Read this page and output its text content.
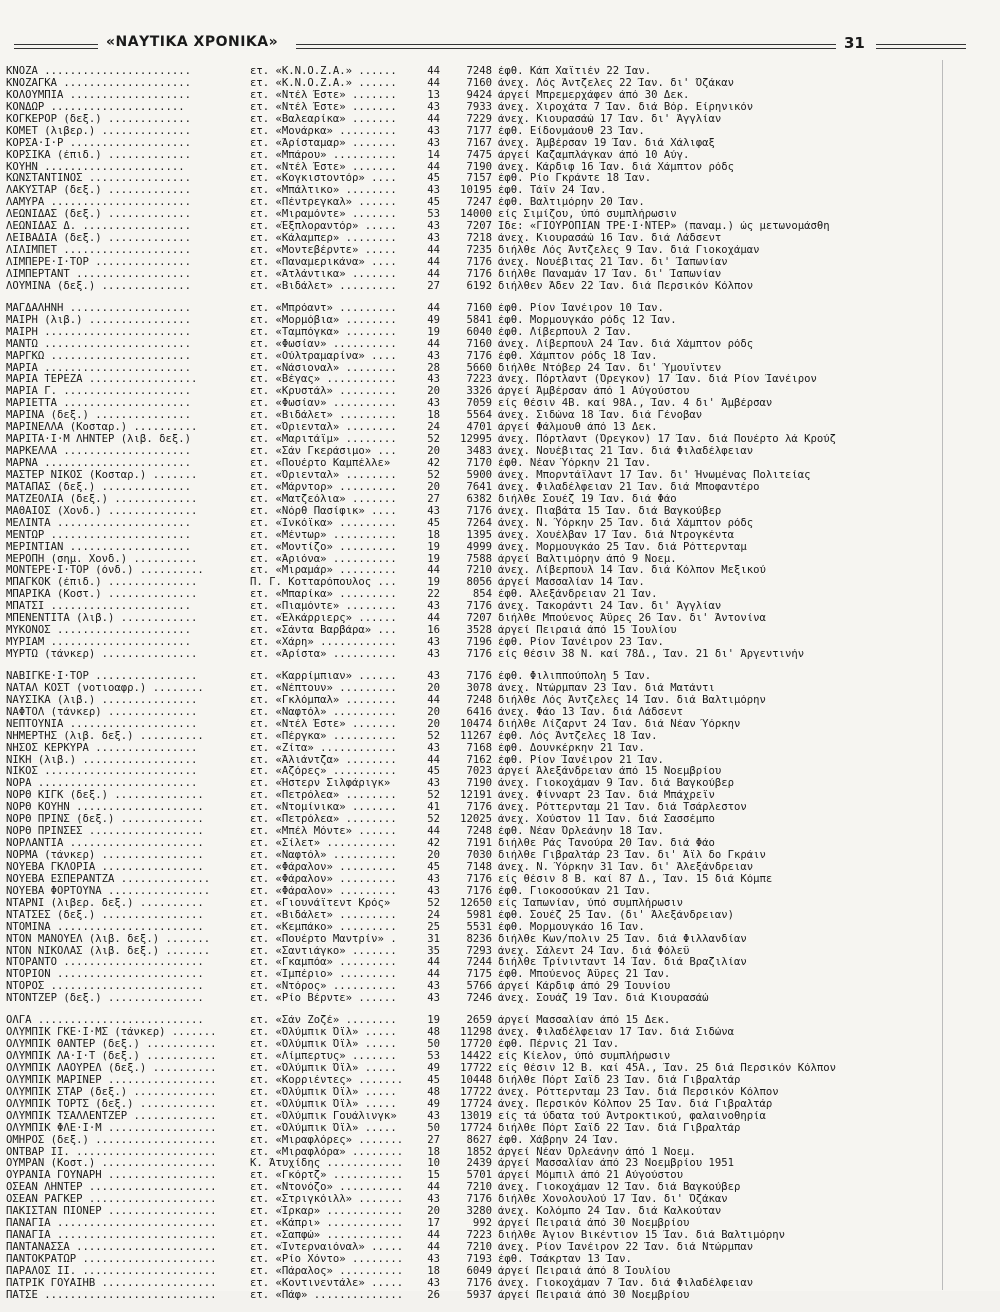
«ΝΑΥΤΙΚΑ ΧΡΟΝΙΚΑ»	31
ΚΝΟΖΑ .......................	ετ. «Κ.Ν.Ο.Ζ.Α.» ......	44	7248 έφθ. Κάπ Χαϊτιέν 22 Ίαν.
ΚΝΟΖΑΓΚΑ ....................	ετ. «Κ.Ν.Ο.Ζ.Α.» ......	44	7160 άνεχ. Λός Άντζελες 22 Ίαν. δι' Όζάκαν
ΚΟΛΟΥΜΠΙΑ ...................	ετ. «Ντέλ Έστε» .......	13	9424 άργεί Μπρεμερχάφεν άπό 30 Δεκ.
ΚΟΝΔΩΡ .....................	ετ. «Ντέλ Έστε» .......	43	7933 άνεχ. Χιροχάτα 7 Ίαν. διά Βόρ. Είρηνικόν
ΚΟΓΚΕΡΟΡ (δεξ.) .............	ετ. «Βαλεαρίκα» .......	44	7229 άνεχ. Κιουρασάώ 17 Ίαν. δι' Άγγλίαν
ΚΟΜΕΤ (λιβερ.) ..............	ετ. «Μονάρκα» .........	43	7177 έφθ. Είδονμάουθ 23 Ίαν.
ΚΟΡΣΑ·Ι·Ρ ...................	ετ. «Άρίσταμαρ» .......	43	7167 άνεχ. Άμβέρσαν 19 Ίαν. διά Χάλιφαξ
ΚΟΡΣΙΚΑ (έπιδ.) .............	ετ. «Μπάρου» ..........	14	7475 άργεί Καζαμπλάγκαν άπό 10 Αύγ.
ΚΟΥΗΝ ......................	ετ. «Ντέλ Έστε» .......	44	7190 άνεχ. Κάρδιφ 16 Ίαν. διά Χάμπτον ρόδς
ΚΩΝΣΤΑΝΤΙΝΟΣ ................	ετ. «Κογκιστοντόρ» ....	45	7157 έφθ. Ρίο Γκράντε 18 Ίαν.
ΛΑΚΥΣΤΑΡ (δεξ.) .............	ετ. «Μπάλτικο» ........	43	10195 έφθ. Τάϊν 24 Ίαν.
ΛΑΜΥΡΑ ......................	ετ. «Πέντρεγκαλ» ......	45	7247 έφθ. Βαλτιμόρην 20 Ίαν.
ΛΕΩΝΙΔΑΣ (δεξ.) .............	ετ. «Μιραμόντε» .......	53	14000 είς Σιμίζου, ύπό συμπλήρωσιν
ΛΕΩΝΙΔΑΣ Δ. .................	ετ. «Έξπλοραντόρ» .....	43	7207 Ίδε: «ΓΙΟΥΡΟΠΙΑΝ ΤΡΕ·Ι·ΝΤΕΡ» (παναμ.) ώς μετωνομάσθη
ΛΕΙΒΑΔΙΑ (δεξ.) .............	ετ. «Κάλαμπερ» ........	43	7218 άνεχ. Κιουρασάώ 16 Ίαν. διά Λάδσεντ
ΛΙΛΙΜΠΕΤ ....................	ετ. «Μοντεβέρντε» .....	44	7235 διήλθε Λός Άντζελες 9 Ίαν. διά Γιοκοχάμαν
ΛΙΜΠΕΡΕ·Ι·ΤΟΡ ...............	ετ. «Παναμερικάνα» ....	44	7176 άνεχ. Νουέβιτας 21 Ίαν. δι' Ίαπωνίαν
ΛΙΜΠΕΡΤΑΝΤ ..................	ετ. «Άτλάντικα» .......	44	7176 διήλθε Παναμάν 17 Ίαν. δι' Ίαπωνίαν
ΛΟΥΜΙΝΑ (δεξ.) ..............	ετ. «Βιδάλετ» .........	27	6192 διήλθεν Άδεν 22 Ίαν. διά Περσικόν Κόλπον
ΜΑΓΔΑΛΗΝΗ ...................	ετ. «Μπρόαντ» .........	44	7160 έφθ. Ρίον Ίανέιρον 10 Ίαν.
ΜΑΙΡΗ (λιβ.) ................	ετ. «Μορμόβια» ........	49	5841 έφθ. Μορμουγκάο ρόδς 12 Ίαν.
ΜΑΙΡΗ .......................	ετ. «Ταμπόγκα» ........	19	6040 έφθ. Λίβερπουλ 2 Ίαν.
ΜΑΝΤΩ .......................	ετ. «Φωσίαν» ..........	44	7160 άνεχ. Λίβερπουλ 24 Ίαν. διά Χάμπτον ρόδς
ΜΑΡΓΚΩ ......................	ετ. «Ούλτραμαρίνα» ....	43	7176 έφθ. Χάμπτον ρόδς 18 Ίαν.
ΜΑΡΙΑ .......................	ετ. «Νάσιοναλ» ........	28	5660 διήλθε Ντόβερ 24 Ίαν. δι' Ύμουΐντεν
ΜΑΡΙΑ ΤΕΡΕΖΑ .................	ετ. «Βέγας» ...........	43	7223 άνεχ. Πόρτλαντ (Όρεγκον) 17 Ίαν. διά Ρίον Ίανέιρον
ΜΑΡΙΑ Γ. ....................	ετ. «Κρυστάλ» .........	20	3326 άργεί Άμβέρσαν άπό 1 Αύγούστου
ΜΑΡΙΕΤΤΑ ....................	ετ. «Φωσίαν» ..........	43	7059 είς θέσιν 4Β. καί 98Α., Ίαν. 4 δι' Άμβέρσαν
ΜΑΡΙΝΑ (δεξ.) ...............	ετ. «Βιδάλετ» .........	18	5564 άνεχ. Σιδώνα 18 Ίαν. διά Γένοβαν
ΜΑΡΙΝΕΛΛΑ (Κοσταρ.) ..........	ετ. «Όριενταλ» ........	24	4701 άργεί Φάλμουθ άπό 13 Δεκ.
ΜΑΡΙΤΑ·Ι·Μ ΛΗΝΤΕΡ (λιβ. δεξ.)	ετ. «Μαριτάϊμ» ........	52	12995 άνεχ. Πόρτλαντ (Όρεγκον) 17 Ίαν. διά Πουέρτο λά Κρούζ
ΜΑΡΚΕΛΛΑ ....................	ετ. «Σάν Γκεράσιμο» ...	20	3483 άνεχ. Νουέβιτας 21 Ίαν. διά Φιλαδέλφειαν
ΜΑΡΝΑ .......................	ετ. «Πουέρτο Καμπέλλε»	42	7170 έφθ. Νέαν Ύόρκην 21 Ίαν.
ΜΑΣΤΕΡ ΝΙΚΟΣ (Κοσταρ.) .......	ετ. «Όριενταλ» ........	52	5900 άνεχ. Μπορντάϊλαντ 17 Ίαν. δι' Ήνωμένας Πολιτείας
ΜΑΤΑΠΑΣ (δεξ.) ..............	ετ. «Μάρντορ» .........	20	7641 άνεχ. Φιλαδέλφειαν 21 Ίαν. διά Μποφαντέρο
ΜΑΤΖΕΟΛΙΑ (δεξ.) .............	ετ. «Ματζεόλια» .......	27	6382 διήλθε Σουέζ 19 Ίαν. διά Φάο
ΜΑΘΑΙΟΣ (Χονδ.) ..............	ετ. «Νόρθ Πασίφικ» ....	43	7176 άνεχ. Πιαβάτα 15 Ίαν. διά Βαγκούβερ
ΜΕΛΙΝΤΑ .....................	ετ. «Ίνκόϊκα» .........	45	7264 άνεχ. Ν. Ύόρκην 25 Ίαν. διά Χάμπτον ρόδς
ΜΕΝΤΩΡ ......................	ετ. «Μέντωρ» ..........	18	1395 άνεχ. Χουέλβαν 17 Ίαν. διά Ντρογκέντα
ΜΕΡΙΝΤΙΑΝ ...................	ετ. «Μοντίζο» .........	19	4999 άνεχ. Μορμουγκάο 25 Ίαν. διά Ρόττερνταμ
ΜΕΡΟΠΗ (σημ. Χονδ.) ..........	ετ. «Άριόνα» ..........	19	7588 άργεί Βαλτιμόρην άπό 9 Νοεμ.
ΜΟΝΤΕΡΕ·Ι·ΤΟΡ (όνδ.) ..........	ετ. «Μιραμάρ» .........	44	7210 άνεχ. Λίβερπουλ 14 Ίαν. διά Κόλπον Μεξικού
ΜΠΑΓΚΟΚ (έπιδ.) ..............	Π. Γ. Κοτταρόπουλος ...	19	8056 άργεί Μασσαλίαν 14 Ίαν.
ΜΠΑΡΙΚΑ (Κοστ.) ..............	ετ. «Μπαρίκα» .........	22	854 έφθ. Άλεξάνδρειαν 21 Ίαν.
ΜΠΑΤΣΙ ......................	ετ. «Πιαμόντε» ........	43	7176 άνεχ. Τακοράντι 24 Ίαν. δι' Άγγλίαν
ΜΠΕΝΕΝΤΙΤΑ (λιβ.) ............	ετ. «Έλκάρριερς» ......	44	7207 διήλθε Μπούενος Άϋρες 26 Ίαν. δι' Άντονίνα
ΜΥΚΟΝΟΣ .....................	ετ. «Σάντα Βαρβάρα» ...	16	3528 άργεί Πειραιά άπό 15 Ίουλίου
ΜΥΡΙΑΜ ......................	ετ. «Χάρη» ............	43	7196 έφθ. Ρίον Ίανέιρον 23 Ίαν.
ΜΥΡΤΩ (τάνκερ) ...............	ετ. «Άρίστα» ..........	43	7176 είς θέσιν 38 Ν. καί 78Δ., Ίαν. 21 δι' Άργεντινήν
ΝΑΒΙΓΚΕ·Ι·ΤΟΡ ................	ετ. «Καρρίμπιαν» ......	43	7176 έφθ. Φιλιππούπολη 5 Ίαν.
ΝΑΤΑΛ ΚΟΣΤ (νοτιοαφρ.) ........	ετ. «Νέπτουν» .........	20	3078 άνεχ. Ντώρμπαν 23 Ίαν. διά Ματάντι
ΝΑΥΣΙΚΑ (λιβ.) ...............	ετ. «Γκλόμπαλ» ........	44	7248 διήλθε Λός Άντζελες 14 Ίαν. διά Βαλτιμόρην
ΝΑΦΤΟΛ (τάνκερ) ..............	ετ. «Ναφτόλ» ..........	20	6416 άνεχ. Φάο 13 Ίαν. διά Λάδσεντ
ΝΕΠΤΟΥΝΙΑ ....................	ετ. «Ντέλ Έστε» .......	20	10474 διήλθε Λίζαρντ 24 Ίαν. διά Νέαν Ύόρκην
ΝΗΜΕΡΤΗΣ (λιβ. δεξ.) ..........	ετ. «Πέργκα» ..........	52	11267 έφθ. Λός Άντζελες 18 Ίαν.
ΝΗΣΟΣ ΚΕΡΚΥΡΑ ................	ετ. «Ζίτα» ............	43	7168 έφθ. Δουνκέρκην 21 Ίαν.
ΝΙΚΗ (λιβ.) ..................	ετ. «Άλιάντζα» ........	44	7162 έφθ. Ρίον Ίανέιρον 21 Ίαν.
ΝΙΚΟΣ ........................	ετ. «Αζόρες» ..........	45	7023 άργεί Άλεξάνδρειαν άπό 15 Νοεμβρίου
ΝΟΡΑ .........................	ετ. «Ήστερν Σιλφάριγκ»	43	7190 άνεχ. Γιοκοχάμαν 9 Ίαν. διά Βαγκούβερ
ΝΟΡΘ ΚΙΓΚ (δεξ.) ..............	ετ. «Πετρόλεα» ........	52	12191 άνεχ. Φίνναρτ 23 Ίαν. διά Μπάχρεϊν
ΝΟΡΘ ΚΟΥΗΝ ....................	ετ. «Ντομίνικα» .......	41	7176 άνεχ. Ρόττερνταμ 21 Ίαν. διά Τσάρλεστον
ΝΟΡΘ ΠΡΙΝΣ (δεξ.) .............	ετ. «Πετρόλεα» ........	52	12025 άνεχ. Χούστον 11 Ίαν. διά Σασσέμπο
ΝΟΡΘ ΠΡΙΝΣΕΣ ..................	ετ. «Μπέλ Μόντε» ......	44	7248 έφθ. Νέαν Όρλεάνην 18 Ίαν.
ΝΟΡΛΑΝΤΙΑ .....................	ετ. «Σίλετ» ...........	42	7191 διήλθε Ράς Τανούρα 20 Ίαν. διά Φάο
ΝΟΡΜΑ (τάνκερ) ................	ετ. «Ναφτόλ» ..........	20	7030 διήλθε Γιβραλτάρ 23 Ίαν. δι' Άϊλ δο Γκράιν
ΝΟΥΕΒΑ ΓΚΛΟΡΙΑ ................	ετ. «Φάραλον» .........	45	7148 άνεχ. Ν. Ύόρκην 31 Ίαν. δι' Άλεξάνδρειαν
ΝΟΥΕΒΑ ΕΣΠΕΡΑΝΤΖΑ ..............	ετ. «Φάραλον» .........	43	7176 είς θέσιν 8 Β. καί 87 Δ., Ίαν. 15 διά Κόμπε
ΝΟΥΕΒΑ ΦΟΡΤΟΥΝΑ ................	ετ. «Φάραλον» .........	43	7176 έφθ. Γιοκοσούκαν 21 Ίαν.
ΝΤΑΡΝΙ (λιβερ. δεξ.) ..........	ετ. «Γιουνάϊτεντ Κρός»	52	12650 είς Ίαπωνίαν, ύπό συμπλήρωσιν
ΝΤΑΤΣΕΣ (δεξ.) ................	ετ. «Βιδάλετ» .........	24	5981 έφθ. Σουέζ 25 Ίαν. (δι' Άλεξάνδρειαν)
ΝΤΟΜΙΝΑ .......................	ετ. «Κεμπάκο» .........	25	5531 έφθ. Μορμουγκάο 16 Ίαν.
ΝΤΟΝ ΜΑΝΟΥΕΛ (λιβ. δεξ.) .......	ετ. «Πουέρτο Μαντρίν» .	31	8236 διήλθε Κων/πολιν 25 Ίαν. διά Φιλλανδίαν
ΝΤΟΝ ΝΙΚΟΛΑΣ (λιβ. δεξ.) .......	ετ. «Σαντιάγκο» .......	35	7293 άνεχ. Σάλεντ 24 Ίαν. διά Φόλεϋ
ΝΤΟΡΑΝΤΟ ......................	ετ. «Γκαμπόα» .........	44	7244 διήλθε Τρίνινταντ 14 Ίαν. διά Βραζιλίαν
ΝΤΟΡΙΟΝ .......................	ετ. «Ίμπέριο» .........	44	7175 έφθ. Μπούενος Άϋρες 21 Ίαν.
ΝΤΟΡΟΣ ........................	ετ. «Ντόρος» ..........	43	5766 άργεί Κάρδιφ άπό 29 Ίουνίου
ΝΤΟΝΤΖΕΡ (δεξ.) ...............	ετ. «Ρίο Βέρντε» ......	43	7246 άνεχ. Σουάζ 19 Ίαν. διά Κιουρασάώ
ΟΛΓΑ ..........................	ετ. «Σάν Ζοζέ» ........	19	2659 άργεί Μασσαλίαν άπό 15 Δεκ.
ΟΛΥΜΠΙΚ ΓΚΕ·Ι·ΜΣ (τάνκερ) .......	ετ. «Όλύμπικ Όϊλ» .....	48	11298 άνεχ. Φιλαδέλφειαν 17 Ίαν. διά Σιδώνα
ΟΛΥΜΠΙΚ ΘΑΝΤΕΡ (δεξ.) ...........	ετ. «Όλύμπικ Όϊλ» .....	50	17720 έφθ. Πέρνις 21 Ίαν.
ΟΛΥΜΠΙΚ ΛΑ·Ι·Τ (δεξ.) ...........	ετ. «Λίμπερτυς» .......	53	14422 είς Κίελον, ύπό συμπλήρωσιν
ΟΛΥΜΠΙΚ ΛΑΟΥΡΕΛ (δεξ.) ..........	ετ. «Όλύμπικ Όϊλ» .....	49	17722 είς θέσιν 12 Β. καί 45Α., Ίαν. 25 διά Περσικόν Κόλπον
ΟΛΥΜΠΙΚ ΜΑΡΙΝΕΡ .................	ετ. «Κορριέντες» .......	45	10448 διήλθε Πόρτ Σαΐδ 23 Ίαν. διά Γιβραλτάρ
ΟΛΥΜΠΙΚ ΣΤΑΡ (δεξ.) .............	ετ. «Όλύμπικ Όϊλ» .....	48	17722 άνεχ. Ρόττερνταμ 23 Ίαν. διά Περσικόν Κόλπον
ΟΛΥΜΠΙΚ ΤΟΡΤΣ (δεξ.) ............	ετ. «Όλύμπικ Όϊλ» .....	49	17724 άνεχ. Περσικόν Κόλπον 25 Ίαν. διά Γιβραλτάρ
ΟΛΥΜΠΙΚ ΤΣΑΛΛΕΝΤΖΕΡ .............	ετ. «Όλύμπικ Γουάλινγκ»	43	13019 είς τά ύδατα τού Άντροκτικού, φαλαινοθηρία
ΟΛΥΜΠΙΚ ΦΛΕ·Ι·Μ .................	ετ. «Όλύμπικ Όϊλ» .....	50	17724 διήλθε Πόρτ Σαΐδ 22 Ίαν. διά Γιβραλτάρ
ΟΜΗΡΟΣ (δεξ.) ...................	ετ. «Μιραφλόρες» .......	27	8627 έφθ. Χάβρην 24 Ίαν.
ΟΝΤΒΑΡ ΙΙ. ......................	ετ. «Μιραφλόρα» ........	18	1852 άργεί Νέαν Όρλεάνην άπό 1 Νοεμ.
ΟΥΜΡΑΝ (Κοστ.) ..................	Κ. Άτυχίδης ............	10	2439 άργεί Μασσαλίαν άπό 23 Νοεμβρίου 1951
ΟΥΡΑΝΙΑ ΓΟΥΝΑΡΗ .................	ετ. «Γκόρτζ» ...........	15	5701 άργεί Μόμπιλ άπό 21 Αύγούστου
ΟΣΕΑΝ ΛΗΝΤΕΡ ....................	ετ. «Ντονόζο» ..........	44	7210 άνεχ. Γιοκοχάμαν 12 Ίαν. διά Βαγκούβερ
ΟΣΕΑΝ ΡΑΓΚΕΡ ....................	ετ. «Στριγκόιλλ» .......	43	7176 διήλθε Χονολουλού 17 Ίαν. δι' Όζάκαν
ΠΑΚΙΣΤΑΝ ΠΙΟΝΕΡ .................	ετ. «Ίρκαρ» ............	20	3280 άνεχ. Κολόμπο 24 Ίαν. διά Καλκούταν
ΠΑΝΑΓΙΑ .........................	ετ. «Κάπρι» ............	17	992 άργεί Πειραιά άπό 30 Νοεμβρίου
ΠΑΝΑΓΙΑ .........................	ετ. «Σαπφώ» ............	44	7223 διήλθε Άγιον Βικέντιον 15 Ίαν. διά Βαλτιμόρην
ΠΑΝΤΑΝΑΣΣΑ ......................	ετ. «Ίντερναιόναλ» .....	44	7210 άνεχ. Ρίον Ίανέιρον 22 Ίαν. διά Ντώρμπαν
ΠΑΝΤΟΚΡΑΤΩΡ .....................	ετ. «Ρίο Χόντο» ........	43	7193 έφθ. Τσάκρταν 13 Ίαν.
ΠΑΡΑΛΟΣ ΙΙ. .....................	ετ. «Πάραλος» ..........	18	6049 άργεί Πειραιά άπό 8 Ίουλίου
ΠΑΤΡΙΚ ΓΟΥΑΙΗΒ ..................	ετ. «Κοντινεντάλε» .....	43	7176 άνεχ. Γιοκοχάμαν 7 Ίαν. διά Φιλαδέλφειαν
ΠΑΤΣΕ ...........................	ετ. «Πάφ» ..............	26	5937 άργεί Πειραιά άπό 30 Νοεμβρίου
